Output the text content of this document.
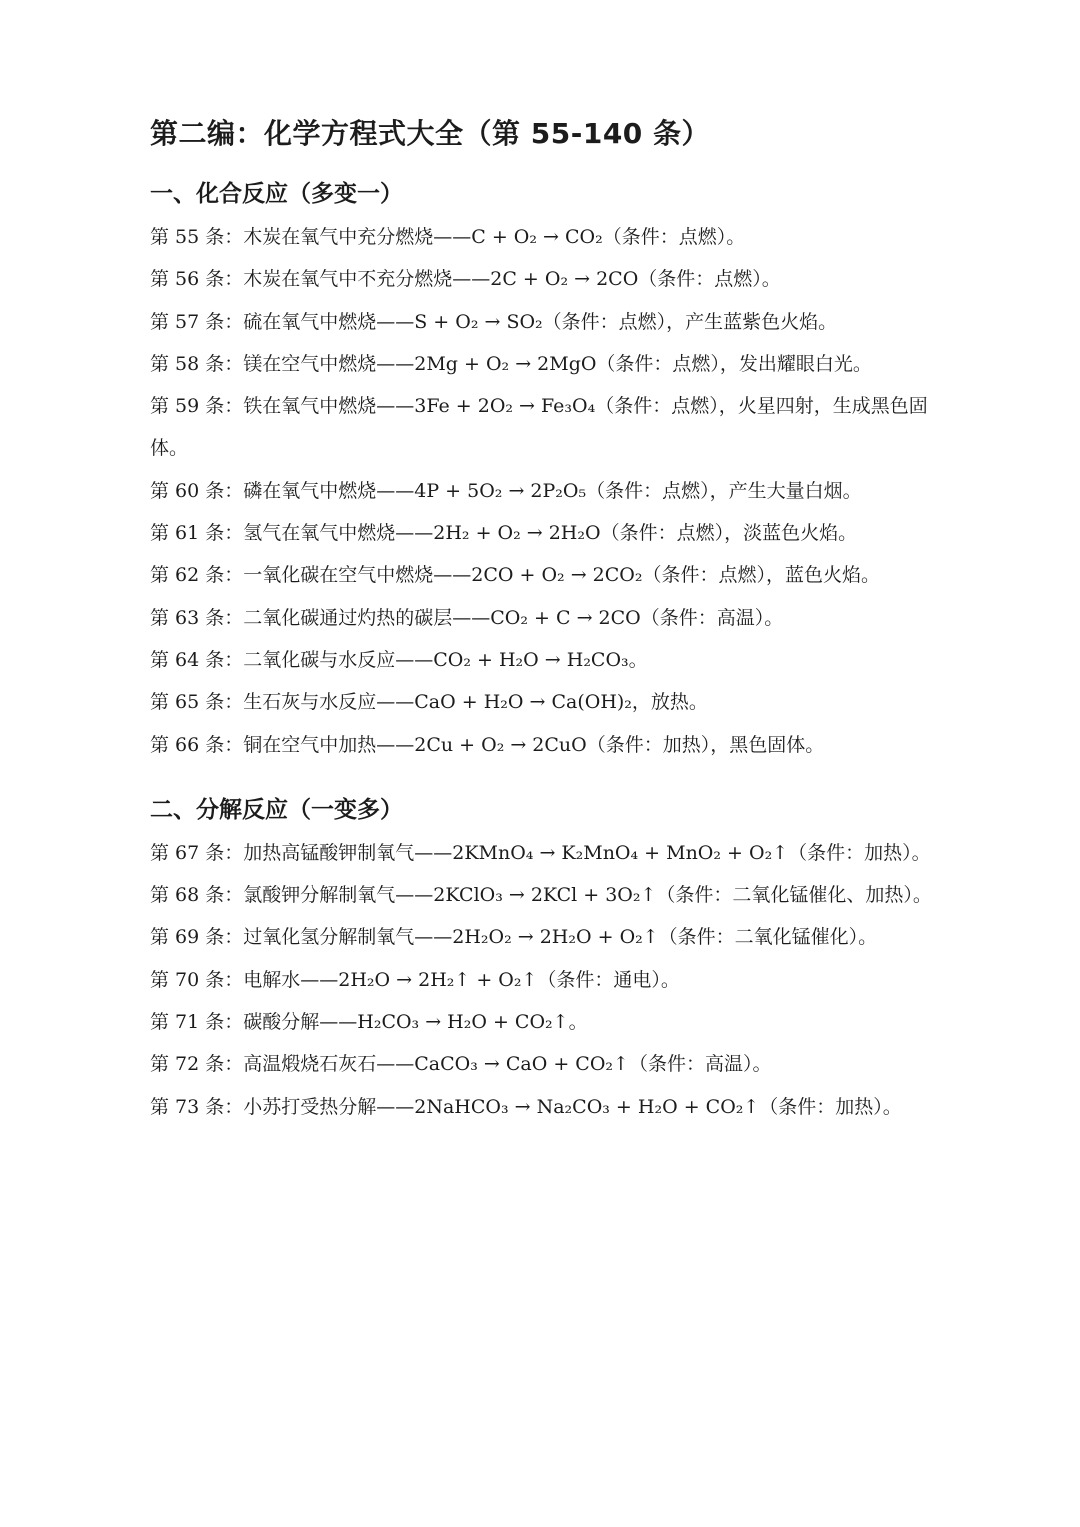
第二编：化学方程式大全（第 55-140 条）
一、化合反应（多变一）

第 55 条：木炭在氧气中充分燃烧——C + O₂ → CO₂（条件：点燃）。

第 56 条：木炭在氧气中不充分燃烧——2C + O₂ → 2CO（条件：点燃）。

第 57 条：硫在氧气中燃烧——S + O₂ → SO₂（条件：点燃），产生蓝紫色火焰。

第 58 条：镁在空气中燃烧——2Mg + O₂ → 2MgO（条件：点燃），发出耀眼白光。

第 59 条：铁在氧气中燃烧——3Fe + 2O₂ → Fe₃O₄（条件：点燃），火星四射，生成黑色固体。

第 60 条：磷在氧气中燃烧——4P + 5O₂ → 2P₂O₅（条件：点燃），产生大量白烟。

第 61 条：氢气在氧气中燃烧——2H₂ + O₂ → 2H₂O（条件：点燃），淡蓝色火焰。

第 62 条：一氧化碳在空气中燃烧——2CO + O₂ → 2CO₂（条件：点燃），蓝色火焰。

第 63 条：二氧化碳通过灼热的碳层——CO₂ + C → 2CO（条件：高温）。

第 64 条：二氧化碳与水反应——CO₂ + H₂O → H₂CO₃。

第 65 条：生石灰与水反应——CaO + H₂O → Ca(OH)₂，放热。

第 66 条：铜在空气中加热——2Cu + O₂ → 2CuO（条件：加热），黑色固体。

二、分解反应（一变多）

第 67 条：加热高锰酸钾制氧气——2KMnO₄ → K₂MnO₄ + MnO₂ + O₂↑（条件：加热）。

第 68 条：氯酸钾分解制氧气——2KClO₃ → 2KCl + 3O₂↑（条件：二氧化锰催化、加热）。

第 69 条：过氧化氢分解制氧气——2H₂O₂ → 2H₂O + O₂↑（条件：二氧化锰催化）。

第 70 条：电解水——2H₂O → 2H₂↑ + O₂↑（条件：通电）。

第 71 条：碳酸分解——H₂CO₃ → H₂O + CO₂↑。

第 72 条：高温煅烧石灰石——CaCO₃ → CaO + CO₂↑（条件：高温）。

第 73 条：小苏打受热分解——2NaHCO₃ → Na₂CO₃ + H₂O + CO₂↑（条件：加热）。
